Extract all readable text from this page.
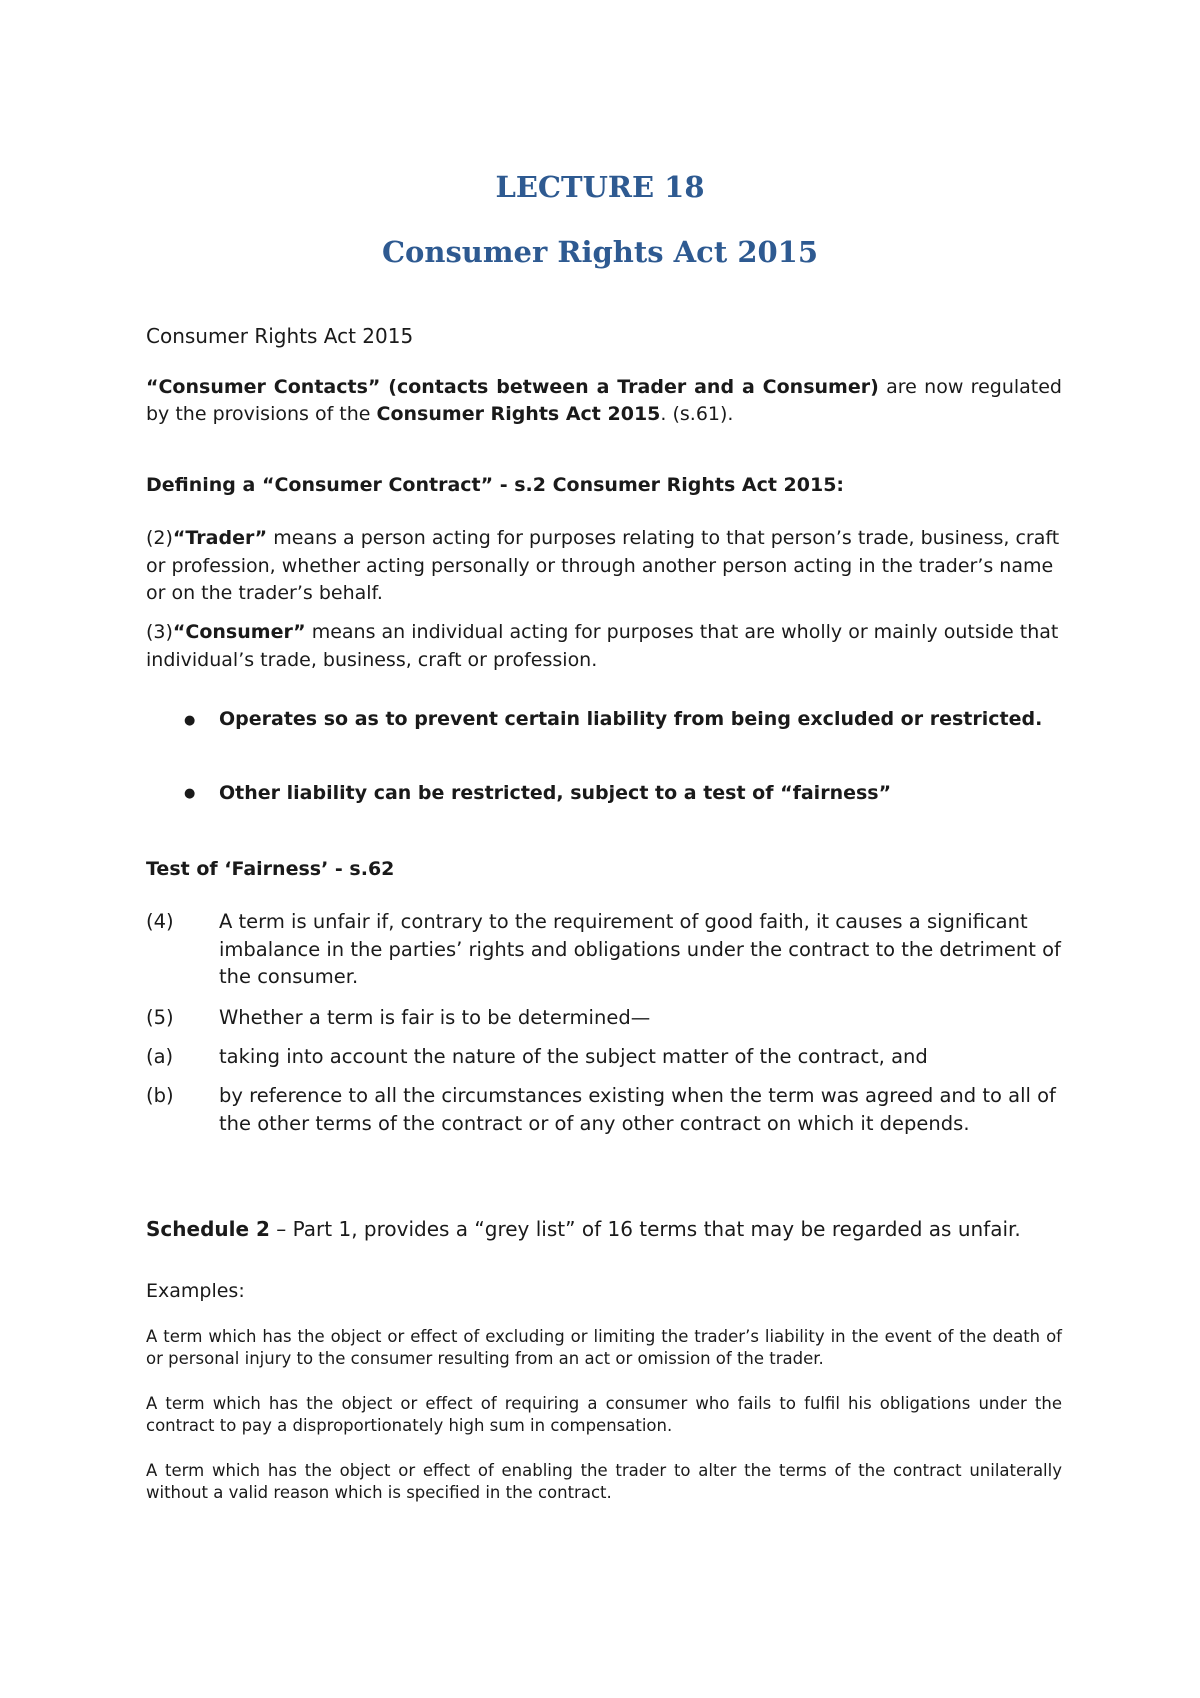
LECTURE 18
Consumer Rights Act 2015

Consumer Rights Act 2015

“Consumer Contacts” (contacts between a Trader and a Consumer) are now regulated by the provisions of the Consumer Rights Act 2015. (s.61).

Defining a “Consumer Contract” - s.2 Consumer Rights Act 2015:

(2)“Trader” means a person acting for purposes relating to that person’s trade, business, craft or profession, whether acting personally or through another person acting in the trader’s name or on the trader’s behalf.

(3)“Consumer” means an individual acting for purposes that are wholly or mainly outside that individual’s trade, business, craft or profession.

● Operates so as to prevent certain liability from being excluded or restricted.

● Other liability can be restricted, subject to a test of “fairness”

Test of ‘Fairness’ - s.62

(4) A term is unfair if, contrary to the requirement of good faith, it causes a significant imbalance in the parties’ rights and obligations under the contract to the detriment of the consumer.

(5) Whether a term is fair is to be determined—

(a) taking into account the nature of the subject matter of the contract, and

(b) by reference to all the circumstances existing when the term was agreed and to all of the other terms of the contract or of any other contract on which it depends.

Schedule 2 – Part 1, provides a “grey list” of 16 terms that may be regarded as unfair.

Examples:

A term which has the object or effect of excluding or limiting the trader’s liability in the event of the death of or personal injury to the consumer resulting from an act or omission of the trader.

A term which has the object or effect of requiring a consumer who fails to fulfil his obligations under the contract to pay a disproportionately high sum in compensation.

A term which has the object or effect of enabling the trader to alter the terms of the contract unilaterally without a valid reason which is specified in the contract.
